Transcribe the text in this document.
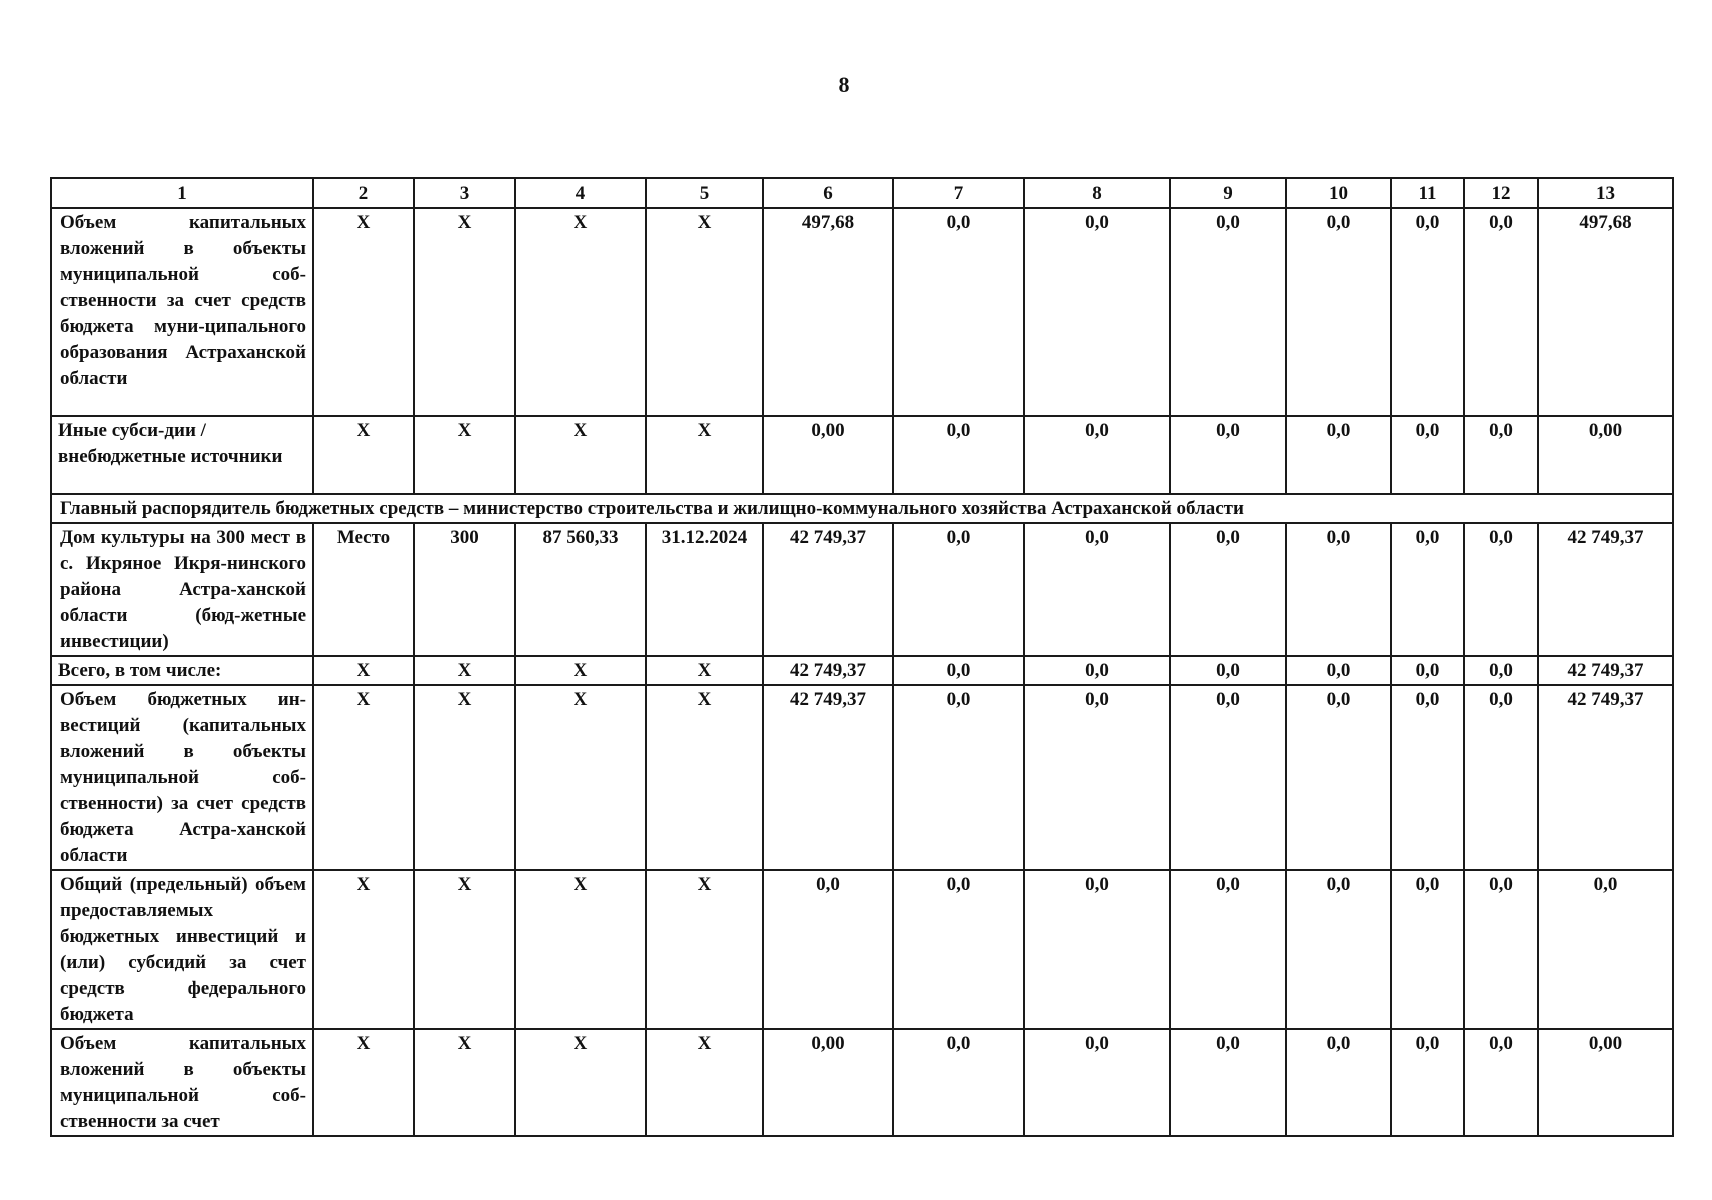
8
1	2	3	4	5	6	7	8	9	10	11	12	13
Объем капитальных вложений в объекты муниципальной соб-ственности за счет средств бюджета муни-ципального образования Астраханской области	X	X	X	X	497,68	0,0	0,0	0,0	0,0	0,0	0,0	497,68
Иные субси-дии / внебюджетные источники	X	X	X	X	0,00	0,0	0,0	0,0	0,0	0,0	0,0	0,00
Главный распорядитель бюджетных средств – министерство строительства и жилищно-коммунального хозяйства Астраханской области												
Дом культуры на 300 мест в с. Икряное Икря-нинского района Астра-ханской области (бюд-жетные инвестиции)	Место	300	87 560,33	31.12.2024	42 749,37	0,0	0,0	0,0	0,0	0,0	0,0	42 749,37
Всего, в том числе:	X	X	X	X	42 749,37	0,0	0,0	0,0	0,0	0,0	0,0	42 749,37
Объем бюджетных ин-вестиций (капитальных вложений в объекты муниципальной соб-ственности) за счет средств бюджета Астра-ханской области	X	X	X	X	42 749,37	0,0	0,0	0,0	0,0	0,0	0,0	42 749,37
Общий (предельный) объем предоставляемых бюджетных инвестиций и (или) субсидий за счет средств федерального бюджета	X	X	X	X	0,0	0,0	0,0	0,0	0,0	0,0	0,0	0,0
Объем капитальных вложений в объекты муниципальной соб-ственности за счет	X	X	X	X	0,00	0,0	0,0	0,0	0,0	0,0	0,0	0,00
